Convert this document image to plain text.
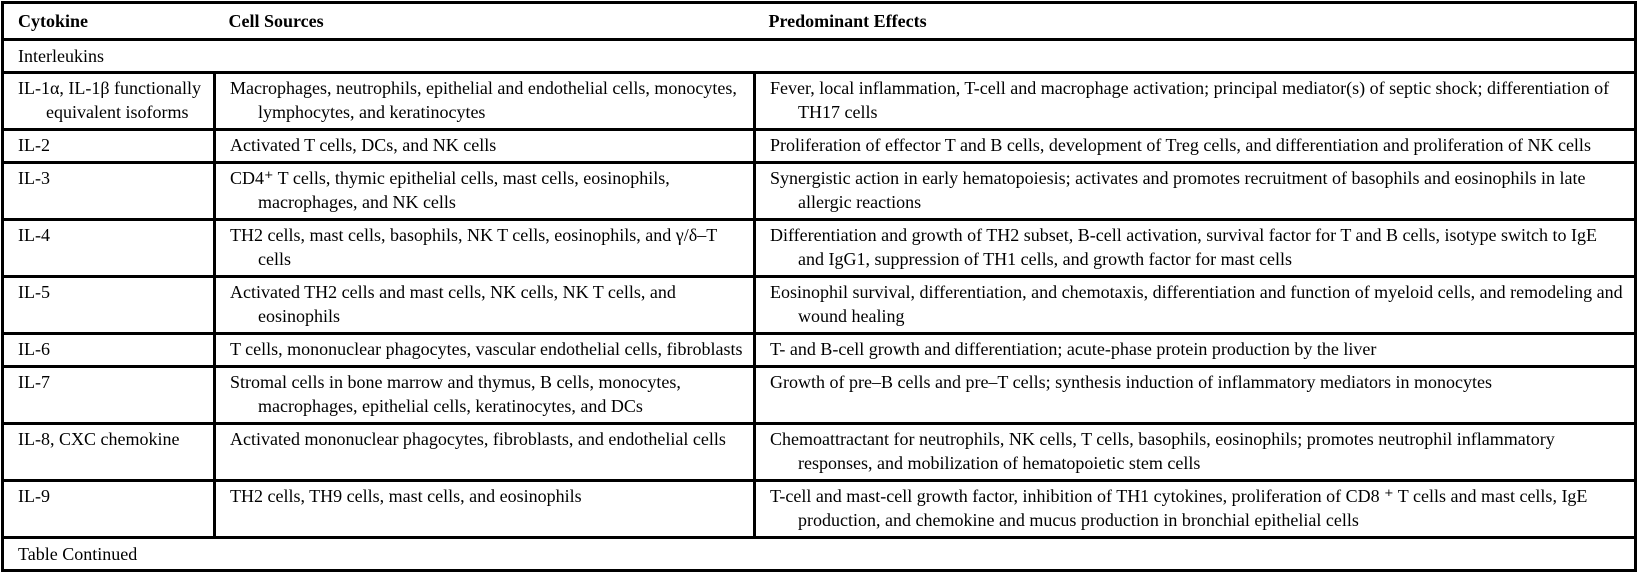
Cytokine	Cell Sources	Predominant Effects
Interleukins		

IL-1α, IL-1β functionally equivalent isoforms	Macrophages, neutrophils, epithelial and endothelial cells, monocytes, lymphocytes, and keratinocytes	Fever, local inflammation, T-cell and macrophage activation; principal mediator(s) of septic shock; differentiation of TH17 cells

IL-2	Activated T cells, DCs, and NK cells	Proliferation of effector T and B cells, development of Treg cells, and differentiation and proliferation of NK cells

IL-3	CD4⁺ T cells, thymic epithelial cells, mast cells, eosinophils, macrophages, and NK cells	Synergistic action in early hematopoiesis; activates and promotes recruitment of basophils and eosinophils in late allergic reactions

IL-4	TH2 cells, mast cells, basophils, NK T cells, eosinophils, and γ/δ–T cells	Differentiation and growth of TH2 subset, B-cell activation, survival factor for T and B cells, isotype switch to IgE and IgG1, suppression of TH1 cells, and growth factor for mast cells

IL-5	Activated TH2 cells and mast cells, NK cells, NK T cells, and eosinophils	Eosinophil survival, differentiation, and chemotaxis, differentiation and function of myeloid cells, and remodeling and wound healing

IL-6	T cells, mononuclear phagocytes, vascular endothelial cells, fibroblasts	T- and B-cell growth and differentiation; acute-phase protein production by the liver

IL-7	Stromal cells in bone marrow and thymus, B cells, monocytes, macrophages, epithelial cells, keratinocytes, and DCs	Growth of pre–B cells and pre–T cells; synthesis induction of inflammatory mediators in monocytes

IL-8, CXC chemokine	Activated mononuclear phagocytes, fibroblasts, and endothelial cells	Chemoattractant for neutrophils, NK cells, T cells, basophils, eosinophils; promotes neutrophil inflammatory responses, and mobilization of hematopoietic stem cells

IL-9	TH2 cells, TH9 cells, mast cells, and eosinophils	T-cell and mast-cell growth factor, inhibition of TH1 cytokines, proliferation of CD8 ⁺ T cells and mast cells, IgE production, and chemokine and mucus production in bronchial epithelial cells

Table Continued		
